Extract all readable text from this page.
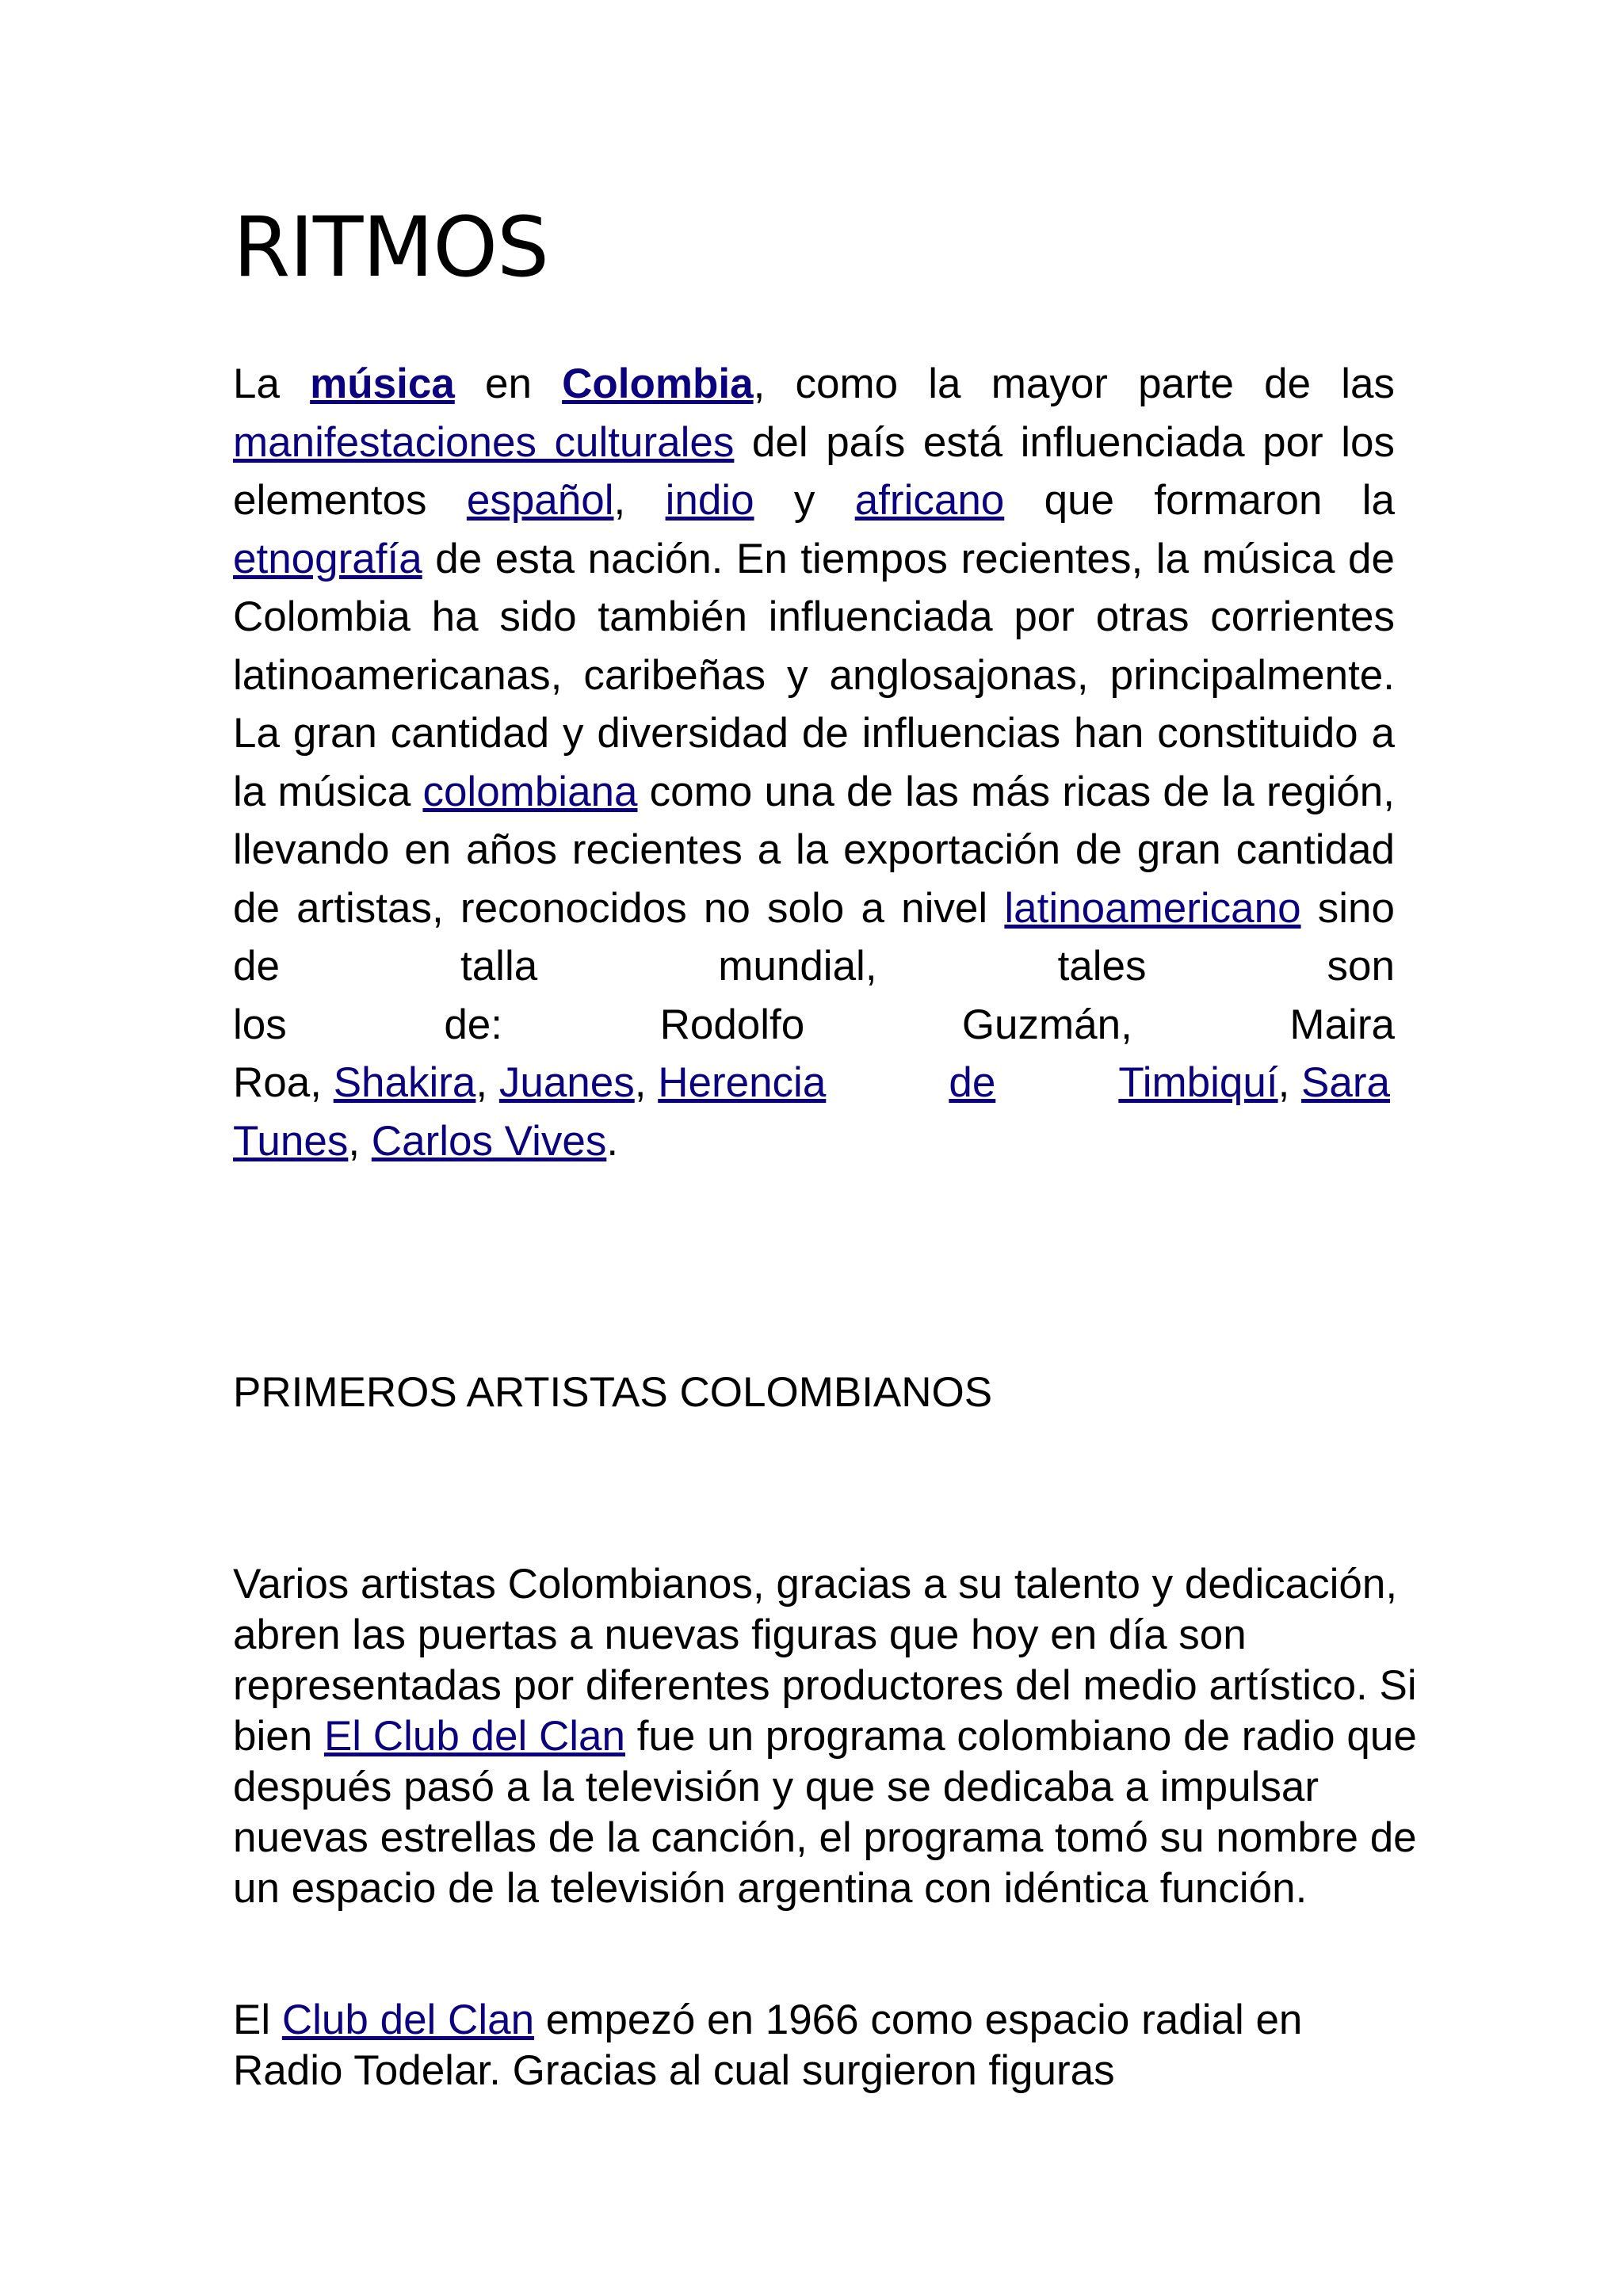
RITMOS

La música en Colombia, como la mayor parte de las manifestaciones culturales del país está influenciada por los elementos español, indio y africano que formaron la etnografía de esta nación. En tiempos recientes, la música de Colombia ha sido también influenciada por otras corrientes latinoamericanas, caribeñas y anglosajonas, principalmente. La gran cantidad y diversidad de influencias han constituido a la música colombiana como una de las más ricas de la región, llevando en años recientes a la exportación de gran cantidad de artistas, reconocidos no solo a nivel latinoamericano sino de talla mundial, tales son

los	de:	Rodolfo	Guzmán,	Maira
Roa, Shakira, Juanes, Herencia	de	Timbiquí, Sara

Tunes, Carlos Vives.

PRIMEROS ARTISTAS COLOMBIANOS

Varios artistas Colombianos, gracias a su talento y dedicación, abren las puertas a nuevas figuras que hoy en día son representadas por diferentes productores del medio artístico. Si bien El Club del Clan fue un programa colombiano de radio que después pasó a la televisión y que se dedicaba a impulsar nuevas estrellas de la canción, el programa tomó su nombre de un espacio de la televisión argentina con idéntica función.

El Club del Clan empezó en 1966 como espacio radial en Radio Todelar. Gracias al cual surgieron figuras
